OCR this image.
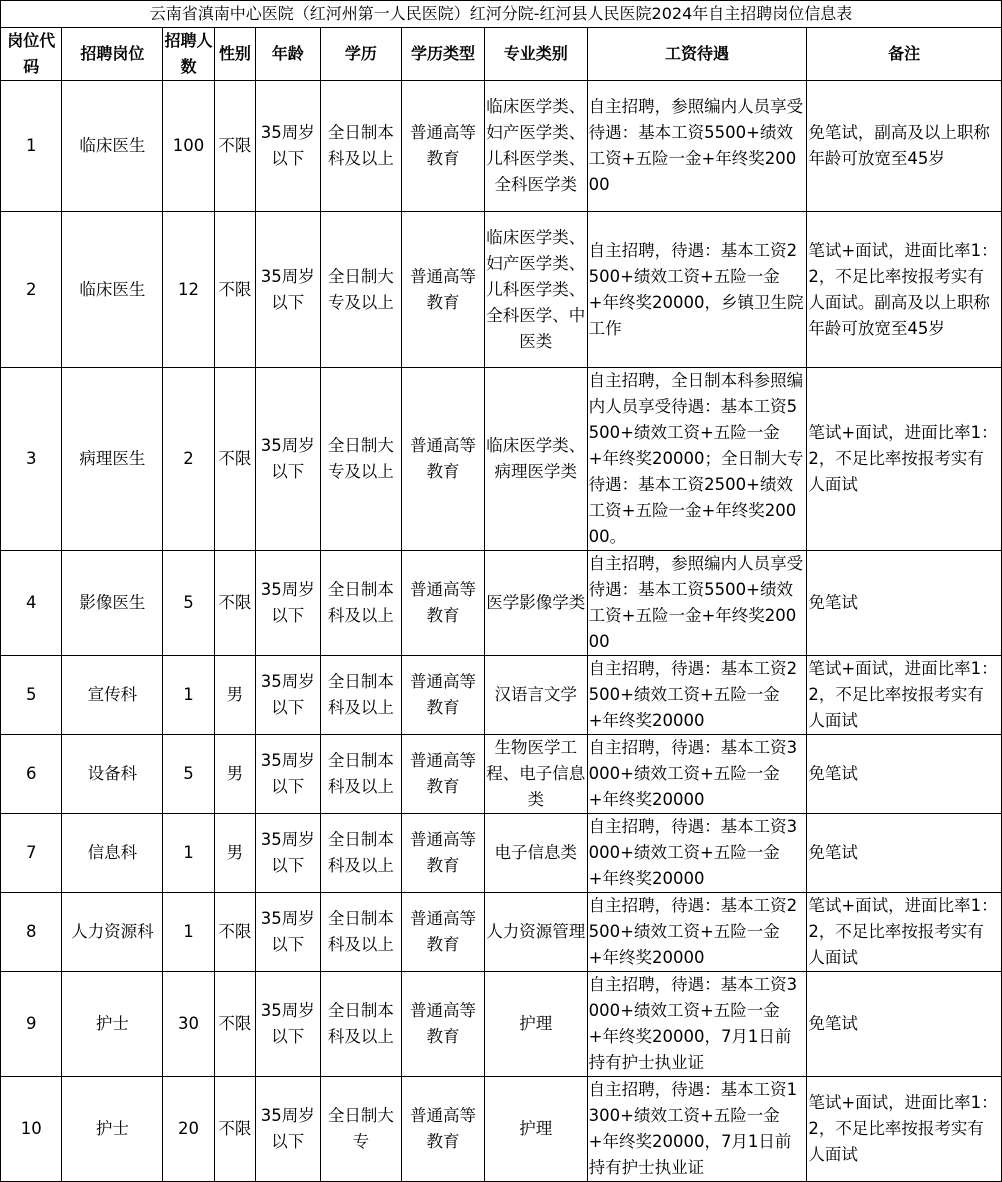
云南省滇南中心医院（红河州第一人民医院）红河分院-红河县人民医院2024年自主招聘岗位信息表									
岗位代码	招聘岗位	招聘人数	性别	年龄	学历	学历类型	专业类别	工资待遇	备注
1	临床医生	100	不限	35周岁以下	全日制本科及以上	普通高等教育	临床医学类、妇产医学类、儿科医学类、全科医学类	自主招聘，参照编内人员享受待遇：基本工资5500+绩效工资+五险一金+年终奖20000	免笔试，副高及以上职称年龄可放宽至45岁
2	临床医生	12	不限	35周岁以下	全日制大专及以上	普通高等教育	临床医学类、妇产医学类、儿科医学类、全科医学、中医类	自主招聘，待遇：基本工资2500+绩效工资+五险一金+年终奖20000，乡镇卫生院工作	笔试+面试，进面比率1：2，不足比率按报考实有人面试。副高及以上职称年龄可放宽至45岁
3	病理医生	2	不限	35周岁以下	全日制大专及以上	普通高等教育	临床医学类、病理医学类	自主招聘，全日制本科参照编内人员享受待遇：基本工资5500+绩效工资+五险一金+年终奖20000；全日制大专待遇：基本工资2500+绩效工资+五险一金+年终奖20000。	笔试+面试，进面比率1：2，不足比率按报考实有人面试
4	影像医生	5	不限	35周岁以下	全日制本科及以上	普通高等教育	医学影像学类	自主招聘，参照编内人员享受待遇：基本工资5500+绩效工资+五险一金+年终奖20000	免笔试
5	宣传科	1	男	35周岁以下	全日制本科及以上	普通高等教育	汉语言文学	自主招聘，待遇：基本工资2500+绩效工资+五险一金+年终奖20000	笔试+面试，进面比率1：2，不足比率按报考实有人面试
6	设备科	5	男	35周岁以下	全日制本科及以上	普通高等教育	生物医学工程、电子信息类	自主招聘，待遇：基本工资3000+绩效工资+五险一金+年终奖20000	免笔试
7	信息科	1	男	35周岁以下	全日制本科及以上	普通高等教育	电子信息类	自主招聘，待遇：基本工资3000+绩效工资+五险一金+年终奖20000	免笔试
8	人力资源科	1	不限	35周岁以下	全日制本科及以上	普通高等教育	人力资源管理	自主招聘，待遇：基本工资2500+绩效工资+五险一金+年终奖20000	笔试+面试，进面比率1：2，不足比率按报考实有人面试
9	护士	30	不限	35周岁以下	全日制本科及以上	普通高等教育	护理	自主招聘，待遇：基本工资3000+绩效工资+五险一金+年终奖20000，7月1日前持有护士执业证	免笔试
10	护士	20	不限	35周岁以下	全日制大专	普通高等教育	护理	自主招聘，待遇：基本工资1300+绩效工资+五险一金+年终奖20000，7月1日前持有护士执业证	笔试+面试，进面比率1：2，不足比率按报考实有人面试
